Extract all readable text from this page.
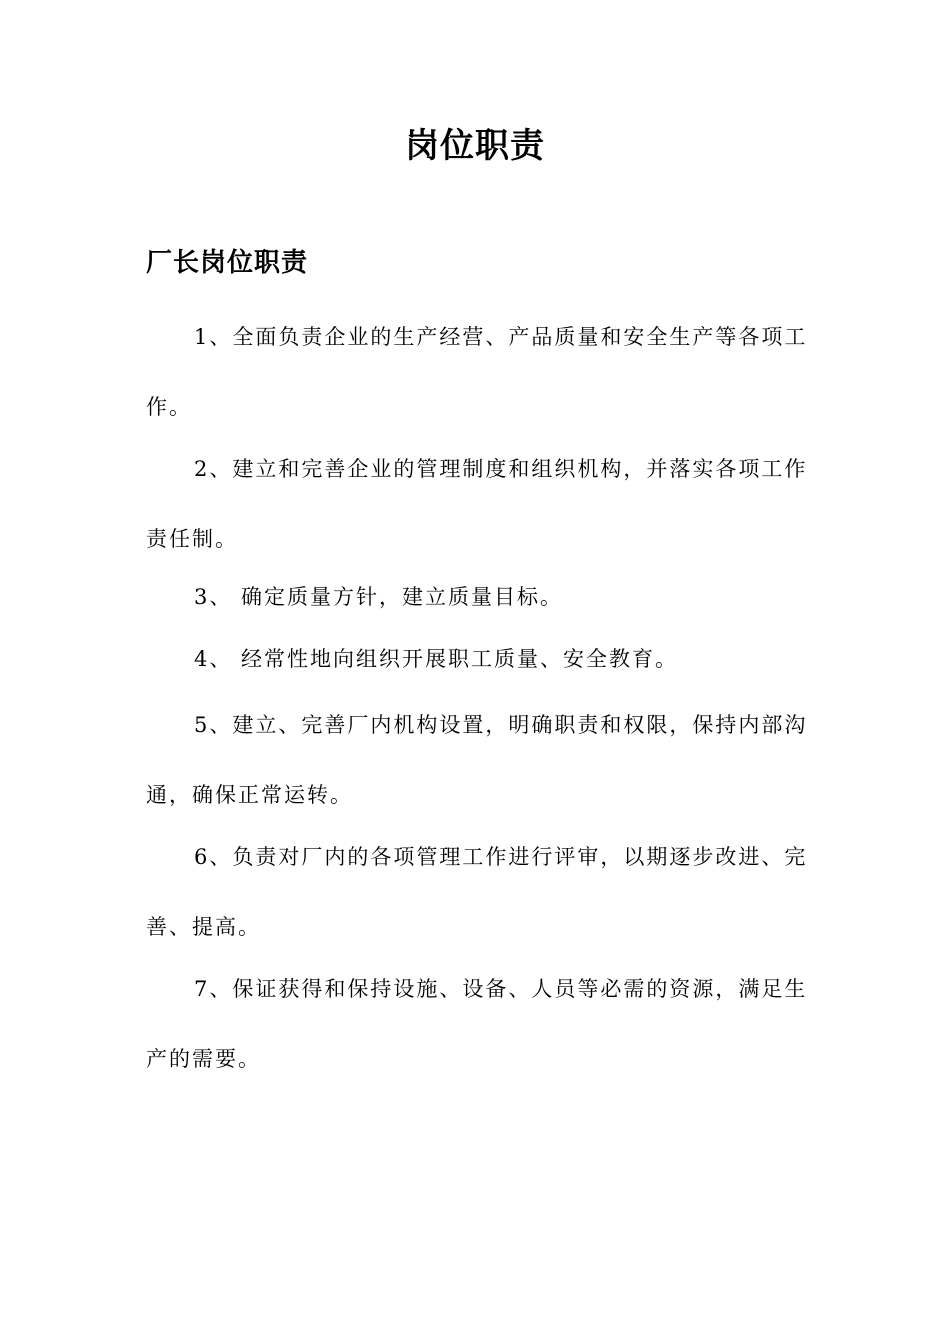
岗位职责
厂长岗位职责
1、全面负责企业的生产经营、产品质量和安全生产等各项工作。
2、建立和完善企业的管理制度和组织机构，并落实各项工作责任制。
3、 确定质量方针，建立质量目标。
4、 经常性地向组织开展职工质量、安全教育。
5、建立、完善厂内机构设置，明确职责和权限，保持内部沟通，确保正常运转。
6、负责对厂内的各项管理工作进行评审，以期逐步改进、完善、提高。
7、保证获得和保持设施、设备、人员等必需的资源，满足生产的需要。
